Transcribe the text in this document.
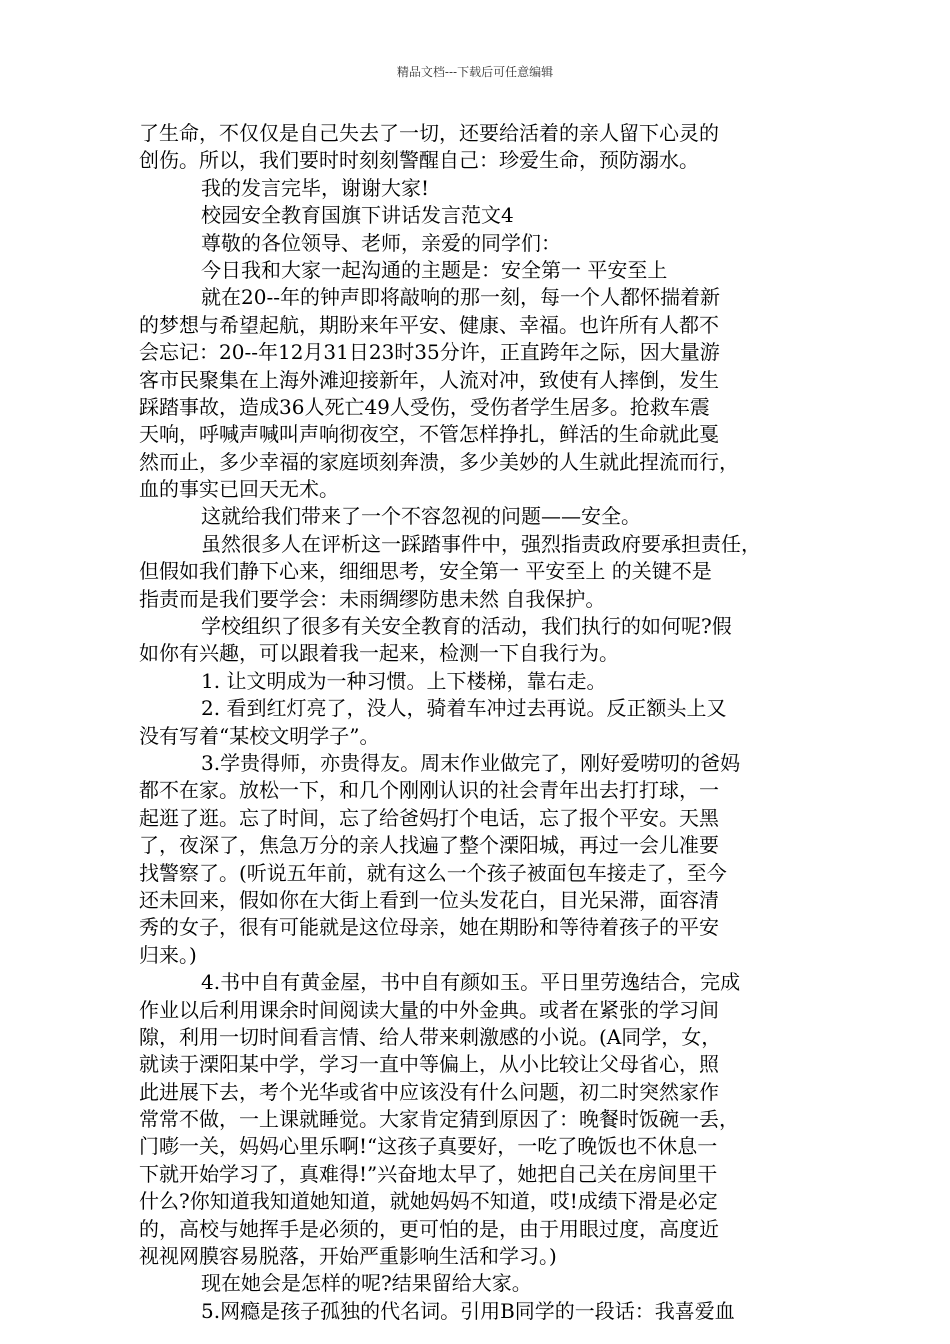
精品文档---下载后可任意编辑
了生命，不仅仅是自己失去了一切，还要给活着的亲人留下心灵的
创伤。所以，我们要时时刻刻警醒自己：珍爱生命，预防溺水。
我的发言完毕，谢谢大家!
校园安全教育国旗下讲话发言范文4
尊敬的各位领导、老师，亲爱的同学们：
今日我和大家一起沟通的主题是：安全第一 平安至上
就在20--年的钟声即将敲响的那一刻，每一个人都怀揣着新
的梦想与希望起航，期盼来年平安、健康、幸福。也许所有人都不
会忘记：20--年12月31日23时35分许，正直跨年之际，因大量游
客市民聚集在上海外滩迎接新年，人流对冲，致使有人摔倒，发生
踩踏事故，造成36人死亡49人受伤，受伤者学生居多。抢救车震
天响，呼喊声喊叫声响彻夜空，不管怎样挣扎，鲜活的生命就此戛
然而止，多少幸福的家庭顷刻奔溃，多少美妙的人生就此捏流而行，
血的事实已回天无术。
这就给我们带来了一个不容忽视的问题——安全。
虽然很多人在评析这一踩踏事件中，强烈指责政府要承担责任，
但假如我们静下心来，细细思考，安全第一 平安至上 的关键不是
指责而是我们要学会：未雨绸缪防患未然 自我保护。
学校组织了很多有关安全教育的活动，我们执行的如何呢?假
如你有兴趣，可以跟着我一起来，检测一下自我行为。
1. 让文明成为一种习惯。上下楼梯，靠右走。
2. 看到红灯亮了，没人，骑着车冲过去再说。反正额头上又
没有写着“某校文明学子”。
3.学贵得师，亦贵得友。周末作业做完了，刚好爱唠叨的爸妈
都不在家。放松一下，和几个刚刚认识的社会青年出去打打球，一
起逛了逛。忘了时间，忘了给爸妈打个电话，忘了报个平安。天黑
了，夜深了，焦急万分的亲人找遍了整个溧阳城，再过一会儿准要
找警察了。(听说五年前，就有这么一个孩子被面包车接走了，至今
还未回来，假如你在大街上看到一位头发花白，目光呆滞，面容清
秀的女子，很有可能就是这位母亲，她在期盼和等待着孩子的平安
归来。)
4.书中自有黄金屋，书中自有颜如玉。平日里劳逸结合，完成
作业以后利用课余时间阅读大量的中外金典。或者在紧张的学习间
隙，利用一切时间看言情、给人带来刺激感的小说。(A同学，女，
就读于溧阳某中学，学习一直中等偏上，从小比较让父母省心，照
此进展下去，考个光华或省中应该没有什么问题，初二时突然家作
常常不做，一上课就睡觉。大家肯定猜到原因了：晚餐时饭碗一丢，
门嘭一关，妈妈心里乐啊!“这孩子真要好，一吃了晚饭也不休息一
下就开始学习了，真难得!”兴奋地太早了，她把自己关在房间里干
什么?你知道我知道她知道，就她妈妈不知道，哎!成绩下滑是必定
的，高校与她挥手是必须的，更可怕的是，由于用眼过度，高度近
视视网膜容易脱落，开始严重影响生活和学习。)
现在她会是怎样的呢?结果留给大家。
5.网瘾是孩子孤独的代名词。引用B同学的一段话：我喜爱血
